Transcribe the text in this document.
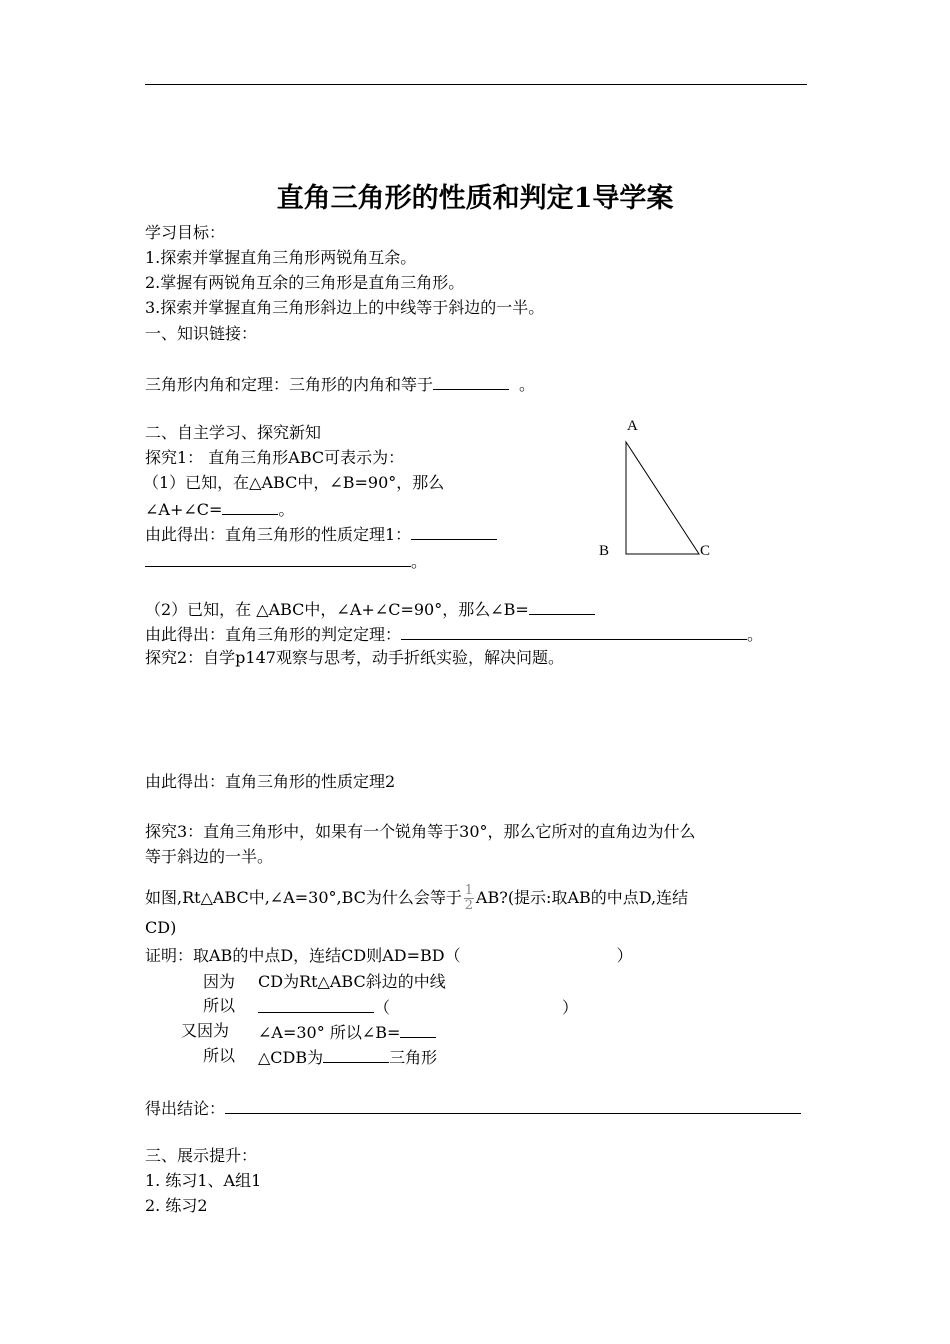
直角三角形的性质和判定1导学案
学习目标：
1.探索并掌握直角三角形两锐角互余。
2.掌握有两锐角互余的三角形是直角三角形。
3.探索并掌握直角三角形斜边上的中线等于斜边的一半。
一、知识链接：
三角形内角和定理：三角形的内角和等于	。
二、自主学习、探究新知
探究1： 直角三角形ABC可表示为：
（1）已知，在△ABC中，∠B=90°，那么
∠A+∠C=	。
由此得出：直角三角形的性质定理1：
。
A
B	C
（2）已知，在 △ABC中，∠A+∠C=90°，那么∠B=
由此得出：直角三角形的判定定理：	。
探究2：自学p147观察与思考，动手折纸实验，解决问题。
由此得出：直角三角形的性质定理2
探究3：直角三角形中，如果有一个锐角等于30°，那么它所对的直角边为什么
等于斜边的一半。
如图,Rt△ABC中,∠A=30°,BC为什么会等于 $\frac{1}{2}$ AB?(提示:取AB的中点D,连结
CD)
证明：取AB的中点D，连结CD则AD=BD（	）
因为 CD为Rt△ABC斜边的中线
所以	（	）
又因为 ∠A=30° 所以∠B=
所以 △CDB为	三角形
得出结论：
三、展示提升：
1. 练习1、A组1
2. 练习2
